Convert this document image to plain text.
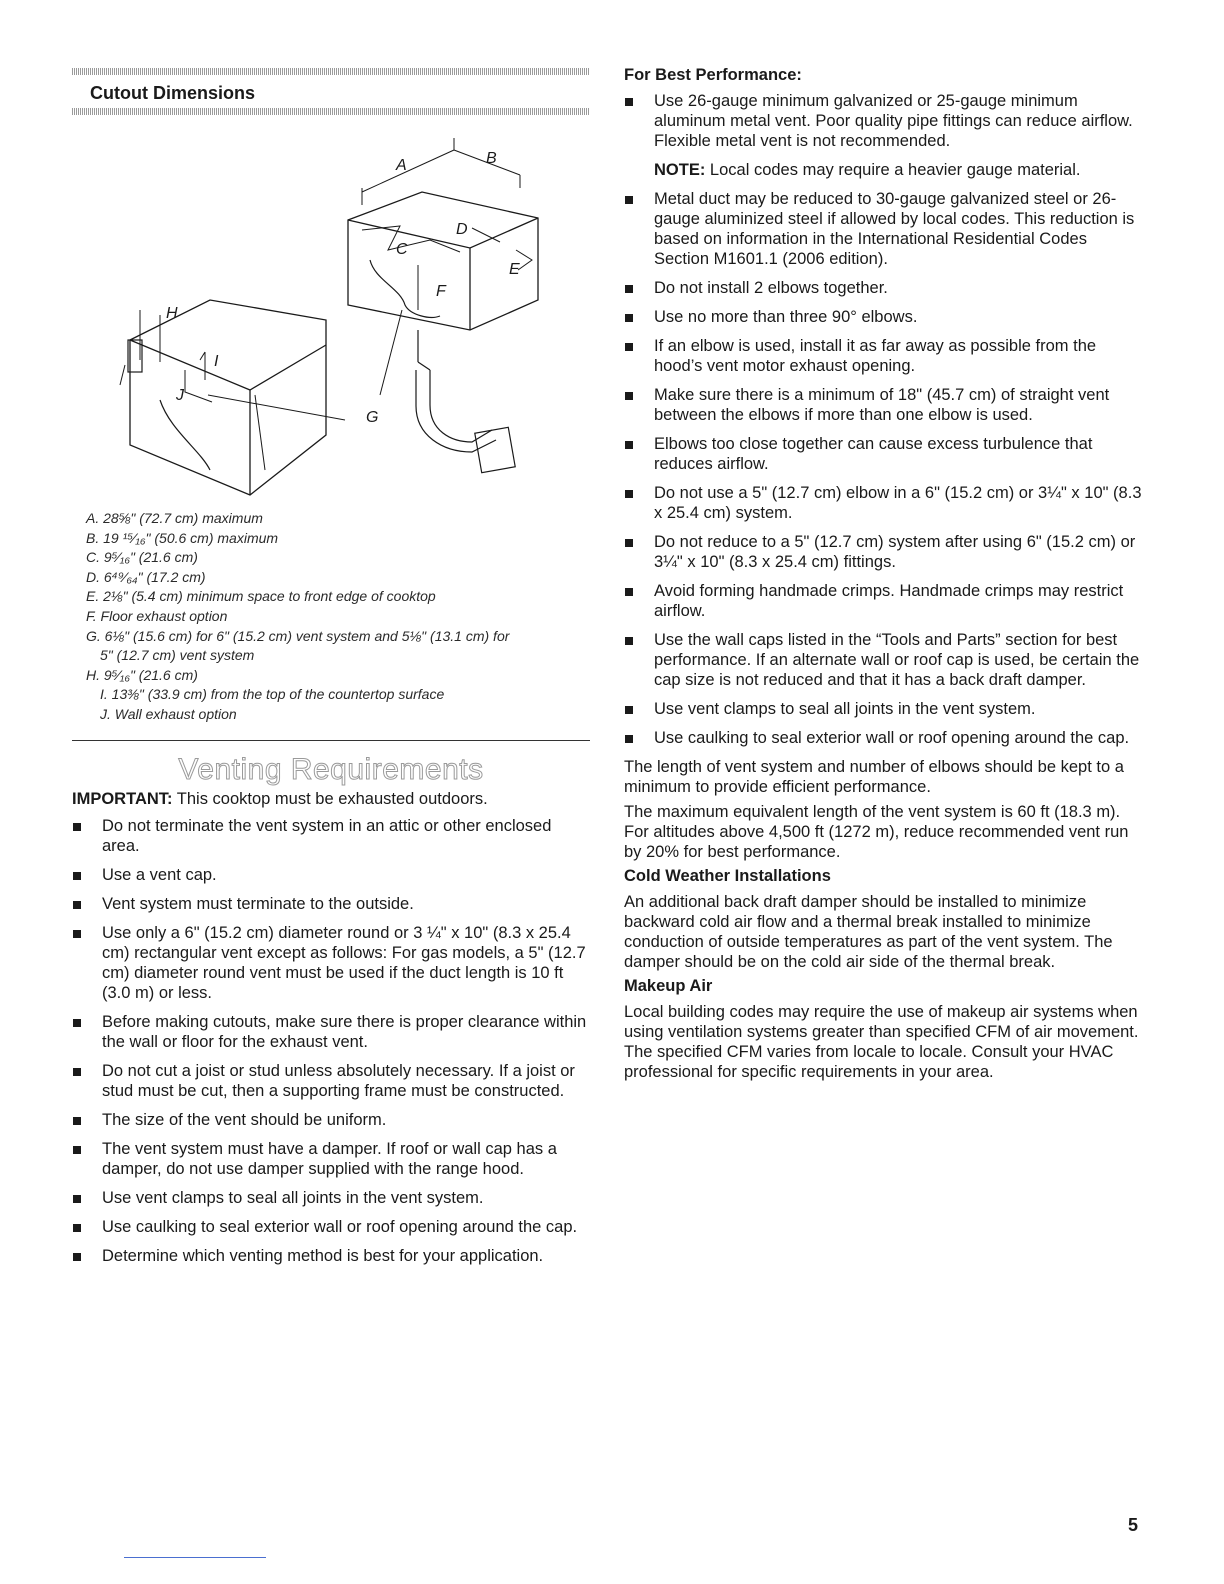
Cutout Dimensions
A	B
C
D
E
F
G
H
I
J
A. 28⅝" (72.7 cm) maximum
B. 19 ¹⁵⁄₁₆" (50.6 cm) maximum
C. 9⁵⁄₁₆" (21.6 cm)
D. 6⁴⁹⁄₆₄" (17.2 cm)
E. 2⅛" (5.4 cm) minimum space to front edge of cooktop
F. Floor exhaust option
G. 6⅛" (15.6 cm) for 6" (15.2 cm) vent system and 5⅛" (13.1 cm) for
5" (12.7 cm) vent system
H. 9⁵⁄₁₆" (21.6 cm)
I. 13⅜" (33.9 cm) from the top of the countertop surface
J. Wall exhaust option
Venting Requirements

IMPORTANT: This cooktop must be exhausted outdoors.

Do not terminate the vent system in an attic or other enclosed area.
Use a vent cap.
Vent system must terminate to the outside.
Use only a 6" (15.2 cm) diameter round or 3 ¼" x 10" (8.3 x 25.4 cm) rectangular vent except as follows: For gas models, a 5" (12.7 cm) diameter round vent must be used if the duct length is 10 ft (3.0 m) or less.
Before making cutouts, make sure there is proper clearance within the wall or floor for the exhaust vent.
Do not cut a joist or stud unless absolutely necessary. If a joist or stud must be cut, then a supporting frame must be constructed.
The size of the vent should be uniform.
The vent system must have a damper. If roof or wall cap has a damper, do not use damper supplied with the range hood.
Use vent clamps to seal all joints in the vent system.
Use caulking to seal exterior wall or roof opening around the cap.
Determine which venting method is best for your application.
For Best Performance:
Use 26-gauge minimum galvanized or 25-gauge minimum aluminum metal vent. Poor quality pipe fittings can reduce airflow. Flexible metal vent is not recommended.

NOTE: Local codes may require a heavier gauge material.

Metal duct may be reduced to 30-gauge galvanized steel or 26-gauge aluminized steel if allowed by local codes. This reduction is based on information in the International Residential Codes Section M1601.1 (2006 edition).
Do not install 2 elbows together.
Use no more than three 90° elbows.
If an elbow is used, install it as far away as possible from the hood’s vent motor exhaust opening.
Make sure there is a minimum of 18" (45.7 cm) of straight vent between the elbows if more than one elbow is used.
Elbows too close together can cause excess turbulence that reduces airflow.
Do not use a 5" (12.7 cm) elbow in a 6" (15.2 cm) or 3¼" x 10" (8.3 x 25.4 cm) system.
Do not reduce to a 5" (12.7 cm) system after using 6" (15.2 cm) or 3¼" x 10" (8.3 x 25.4 cm) fittings.
Avoid forming handmade crimps. Handmade crimps may restrict airflow.
Use the wall caps listed in the “Tools and Parts” section for best performance. If an alternate wall or roof cap is used, be certain the cap size is not reduced and that it has a back draft damper.
Use vent clamps to seal all joints in the vent system.
Use caulking to seal exterior wall or roof opening around the cap.

The length of vent system and number of elbows should be kept to a minimum to provide efficient performance.

The maximum equivalent length of the vent system is 60 ft (18.3 m). For altitudes above 4,500 ft (1272 m), reduce recommended vent run by 20% for best performance.

Cold Weather Installations

An additional back draft damper should be installed to minimize backward cold air flow and a thermal break installed to minimize conduction of outside temperatures as part of the vent system. The damper should be on the cold air side of the thermal break.

Makeup Air

Local building codes may require the use of makeup air systems when using ventilation systems greater than specified CFM of air movement. The specified CFM varies from locale to locale. Consult your HVAC professional for specific requirements in your area.

5
